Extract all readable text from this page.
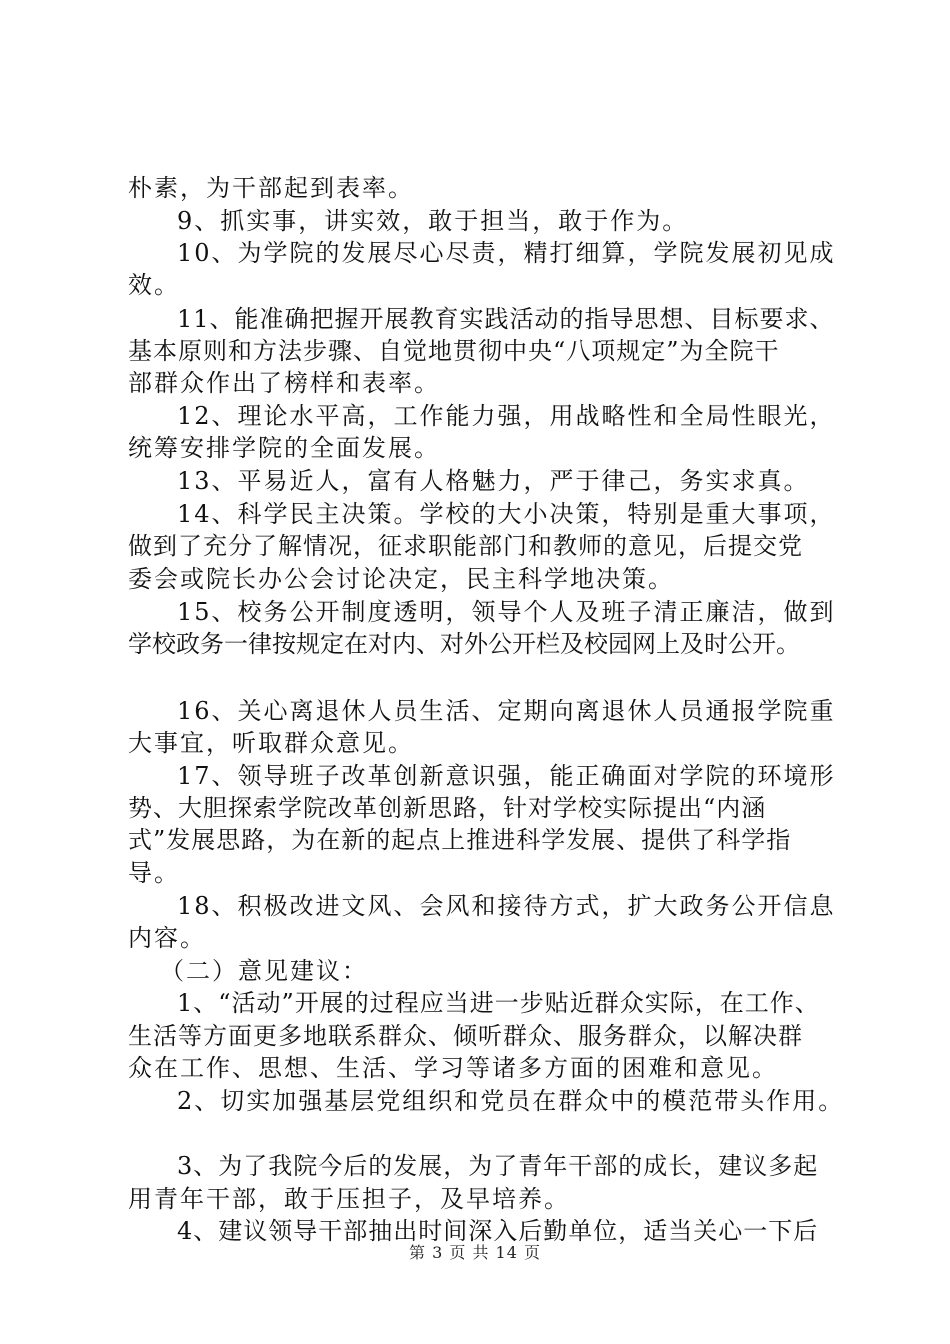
朴素，为干部起到表率。
9、抓实事，讲实效，敢于担当，敢于作为。
10、为学院的发展尽心尽责，精打细算，学院发展初见成
效。
11、能准确把握开展教育实践活动的指导思想、目标要求、
基本原则和方法步骤、自觉地贯彻中央“八项规定”为全院干
部群众作出了榜样和表率。
12、理论水平高，工作能力强，用战略性和全局性眼光，
统筹安排学院的全面发展。
13、平易近人，富有人格魅力，严于律己，务实求真。
14、科学民主决策。学校的大小决策，特别是重大事项，
做到了充分了解情况，征求职能部门和教师的意见，后提交党
委会或院长办公会讨论决定，民主科学地决策。
15、校务公开制度透明，领导个人及班子清正廉洁，做到
学校政务一律按规定在对内、对外公开栏及校园网上及时公开。
16、关心离退休人员生活、定期向离退休人员通报学院重
大事宜，听取群众意见。
17、领导班子改革创新意识强，能正确面对学院的环境形
势、大胆探索学院改革创新思路，针对学校实际提出“内涵
式”发展思路，为在新的起点上推进科学发展、提供了科学指
导。
18、积极改进文风、会风和接待方式，扩大政务公开信息
内容。
（二）意见建议：
1、“活动”开展的过程应当进一步贴近群众实际，在工作、
生活等方面更多地联系群众、倾听群众、服务群众，以解决群
众在工作、思想、生活、学习等诸多方面的困难和意见。
2、切实加强基层党组织和党员在群众中的模范带头作用。
3、为了我院今后的发展，为了青年干部的成长，建议多起
用青年干部，敢于压担子，及早培养。
4、建议领导干部抽出时间深入后勤单位，适当关心一下后
第 3 页 共 14 页
